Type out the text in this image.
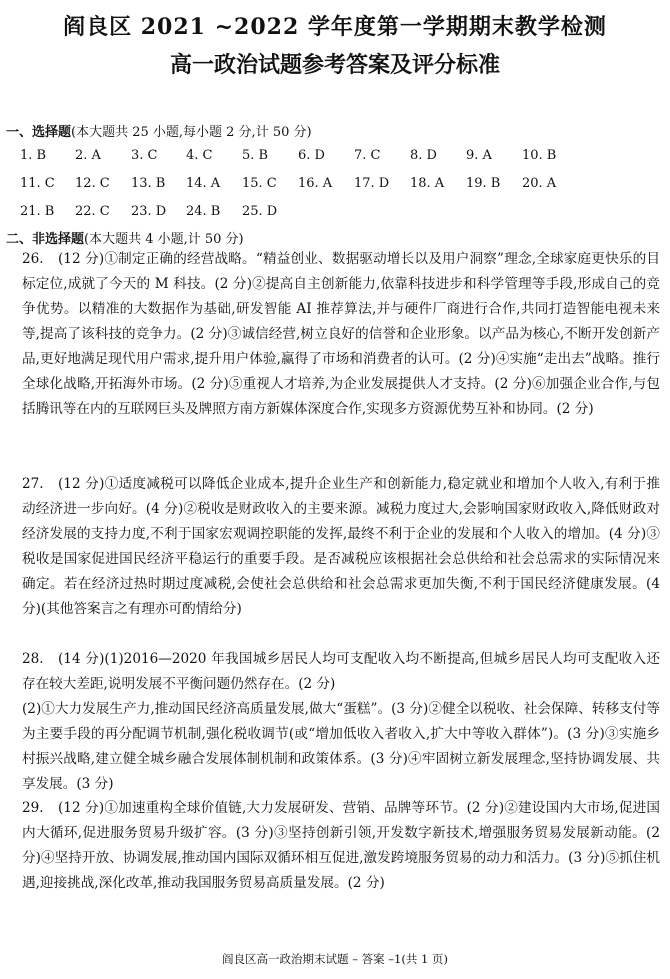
阎良区 2021 ~2022 学年度第一学期期末教学检测
高一政治试题参考答案及评分标准
一、选择题(本大题共 25 小题,每小题 2 分,计 50 分)
1. B 2. A 3. C 4. C 5. B 6. D 7. C 8. D 9. A 10. B
11. C 12. C 13. B 14. A 15. C 16. A 17. D 18. A 19. B 20. A
21. B 22. C 23. D 24. B 25. D
二、非选择题(本大题共 4 小题,计 50 分)

26. (12 分)①制定正确的经营战略。“精益创业、数据驱动增长以及用户洞察”理念,全球家庭更快乐的目标定位,成就了今天的 M 科技。(2 分)②提高自主创新能力,依靠科技进步和科学管理等手段,形成自己的竞争优势。以精准的大数据作为基础,研发智能 AI 推荐算法,并与硬件厂商进行合作,共同打造智能电视未来等,提高了该科技的竞争力。(2 分)③诚信经营,树立良好的信誉和企业形象。以产品为核心,不断开发创新产品,更好地满足现代用户需求,提升用户体验,赢得了市场和消费者的认可。(2 分)④实施“走出去”战略。推行全球化战略,开拓海外市场。(2 分)⑤重视人才培养,为企业发展提供人才支持。(2 分)⑥加强企业合作,与包括腾讯等在内的互联网巨头及牌照方南方新媒体深度合作,实现多方资源优势互补和协同。(2 分)

27. (12 分)①适度减税可以降低企业成本,提升企业生产和创新能力,稳定就业和增加个人收入,有利于推动经济进一步向好。(4 分)②税收是财政收入的主要来源。减税力度过大,会影响国家财政收入,降低财政对经济发展的支持力度,不利于国家宏观调控职能的发挥,最终不利于企业的发展和个人收入的增加。(4 分)③税收是国家促进国民经济平稳运行的重要手段。是否减税应该根据社会总供给和社会总需求的实际情况来确定。若在经济过热时期过度减税,会使社会总供给和社会总需求更加失衡,不利于国民经济健康发展。(4 分)(其他答案言之有理亦可酌情给分)

28. (14 分)(1)2016—2020 年我国城乡居民人均可支配收入均不断提高,但城乡居民人均可支配收入还存在较大差距,说明发展不平衡问题仍然存在。(2 分)

(2)①大力发展生产力,推动国民经济高质量发展,做大“蛋糕”。(3 分)②健全以税收、社会保障、转移支付等为主要手段的再分配调节机制,强化税收调节(或“增加低收入者收入,扩大中等收入群体”)。(3 分)③实施乡村振兴战略,建立健全城乡融合发展体制机制和政策体系。(3 分)④牢固树立新发展理念,坚持协调发展、共享发展。(3 分)

29. (12 分)①加速重构全球价值链,大力发展研发、营销、品牌等环节。(2 分)②建设国内大市场,促进国内大循环,促进服务贸易升级扩容。(3 分)③坚持创新引领,开发数字新技术,增强服务贸易发展新动能。(2 分)④坚持开放、协调发展,推动国内国际双循环相互促进,激发跨境服务贸易的动力和活力。(3 分)⑤抓住机遇,迎接挑战,深化改革,推动我国服务贸易高质量发展。(2 分)

阎良区高一政治期末试题 – 答案 –1(共 1 页)
